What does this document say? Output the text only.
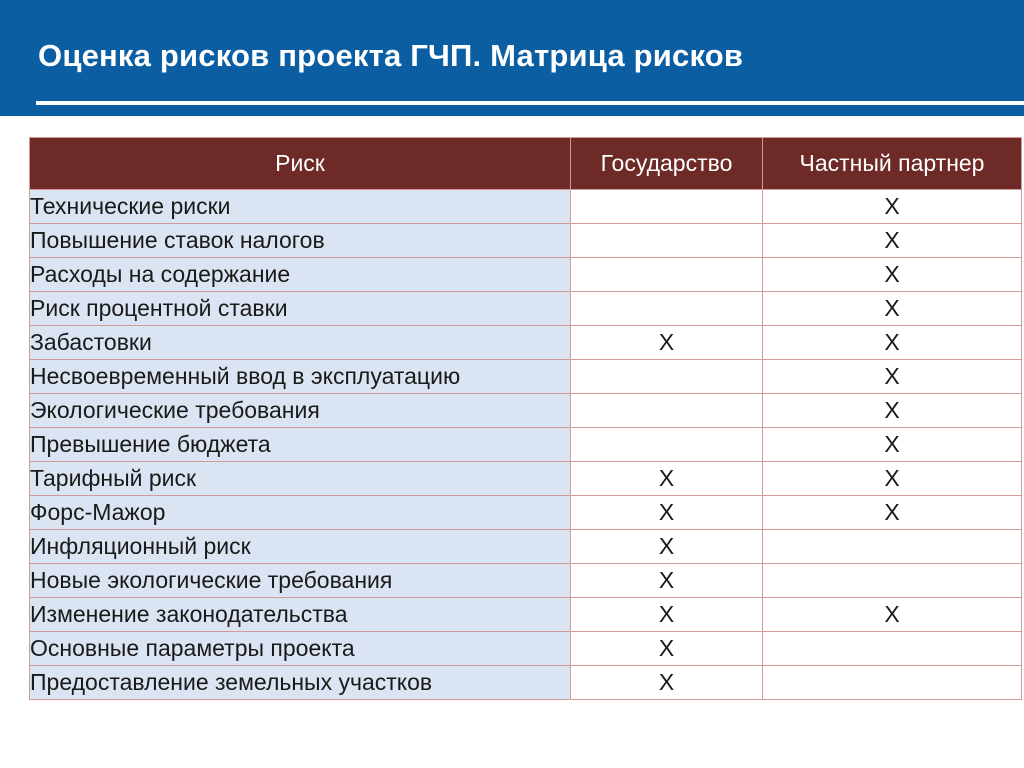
Оценка рисков проекта ГЧП. Матрица рисков
Риск	Государство	Частный партнер
Технические риски		X
Повышение ставок налогов		X
Расходы на содержание		X
Риск процентной ставки		X
Забастовки	X	X
Несвоевременный ввод в эксплуатацию		X
Экологические требования		X
Превышение бюджета		X
Тарифный риск	X	X
Форс-Мажор	X	X
Инфляционный риск	X	
Новые экологические требования	X	
Изменение законодательства	X	X
Основные параметры проекта	X	
Предоставление земельных участков	X	
